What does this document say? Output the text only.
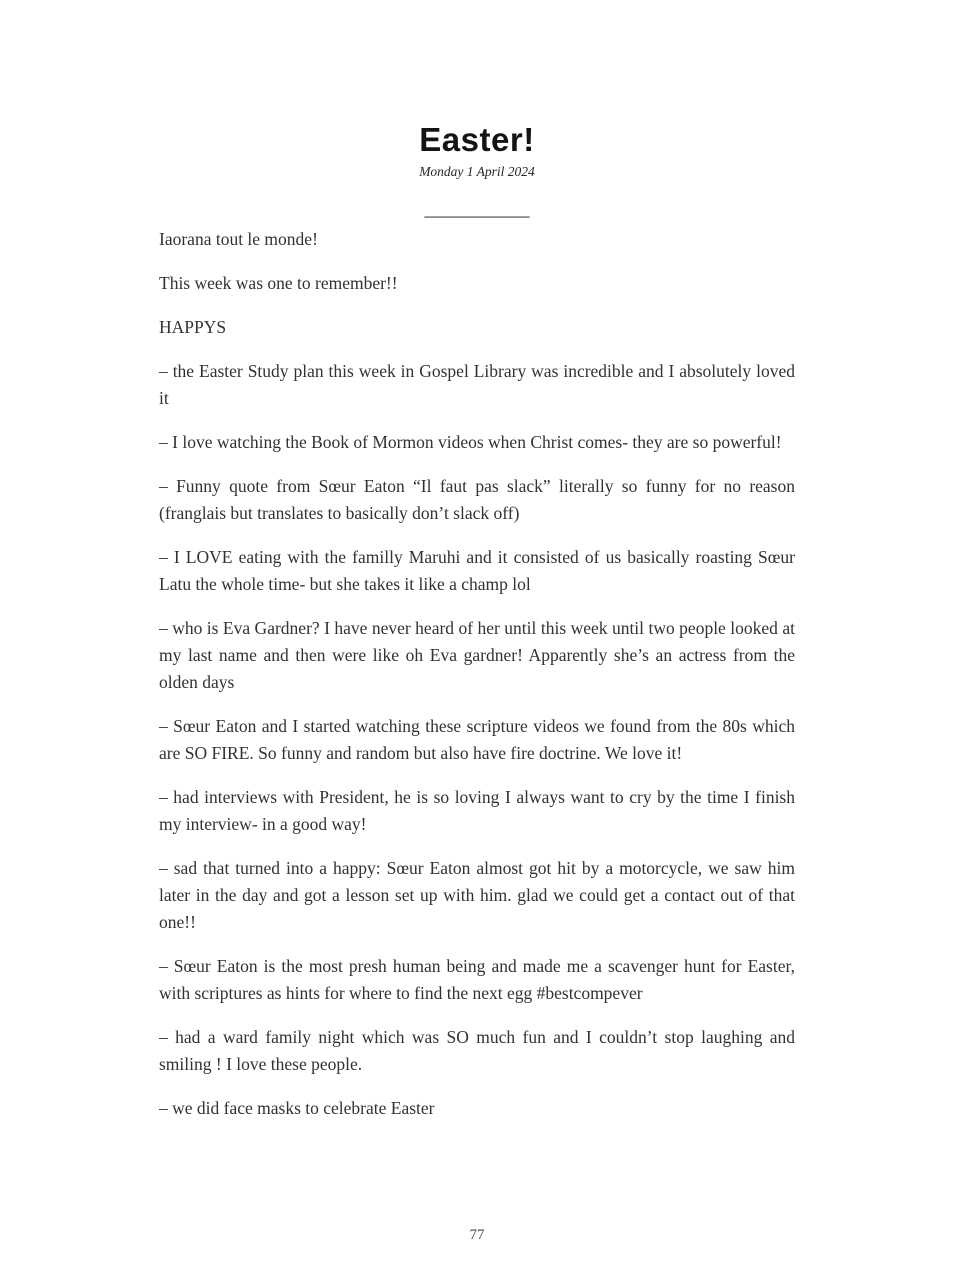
Easter!
Monday 1 April 2024
____________

Iaorana tout le monde!

This week was one to remember!!

HAPPYS

– the Easter Study plan this week in Gospel Library was incredible and I absolutely loved it

– I love watching the Book of Mormon videos when Christ comes- they are so powerful!

– Funny quote from Sœur Eaton “Il faut pas slack” literally so funny for no reason (franglais but translates to basically don’t slack off)

– I LOVE eating with the familly Maruhi and it consisted of us basically roasting Sœur Latu the whole time- but she takes it like a champ lol

– who is Eva Gardner? I have never heard of her until this week until two people looked at my last name and then were like oh Eva gardner! Apparently she’s an actress from the olden days

– Sœur Eaton and I started watching these scripture videos we found from the 80s which are SO FIRE. So funny and random but also have fire doctrine. We love it!

– had interviews with President, he is so loving I always want to cry by the time I finish my interview- in a good way!

– sad that turned into a happy: Sœur Eaton almost got hit by a motorcycle, we saw him later in the day and got a lesson set up with him. glad we could get a contact out of that one!!

– Sœur Eaton is the most presh human being and made me a scavenger hunt for Easter, with scriptures as hints for where to find the next egg #bestcompever

– had a ward family night which was SO much fun and I couldn’t stop laughing and smiling ! I love these people.

– we did face masks to celebrate Easter

77
